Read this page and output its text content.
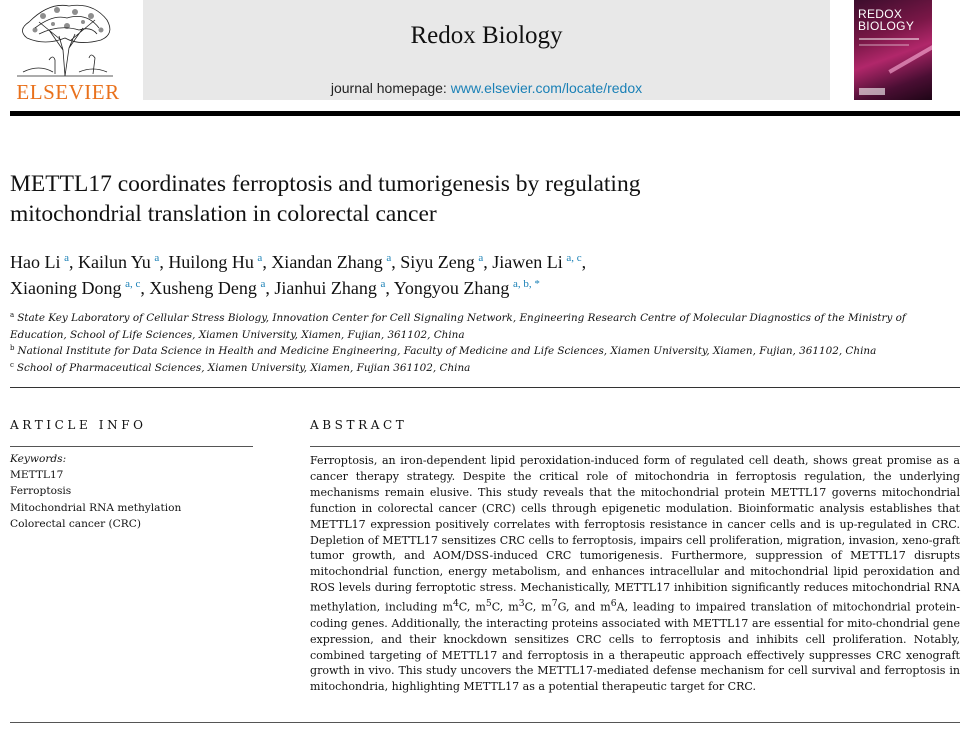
ELSEVIER
Redox Biology
journal homepage: www.elsevier.com/locate/redox
REDOX
BIOLOGY
METTL17 coordinates ferroptosis and tumorigenesis by regulating
mitochondrial translation in colorectal cancer
Hao Li  $^a$, Kailun Yu  $^a$, Huilong Hu  $^a$, Xiandan Zhang  $^a$, Siyu Zeng  $^a$, Jiawen Li  $^{a, c}$,
Xiaoning Dong  $^{a, c}$, Xusheng Deng  $^a$, Jianhui Zhang  $^a$, Yongyou Zhang  $^{a, b, *}$
$^a$ State Key Laboratory of Cellular Stress Biology, Innovation Center for Cell Signaling Network, Engineering Research Centre of Molecular Diagnostics of the Ministry of Education, School of Life Sciences, Xiamen University, Xiamen, Fujian, 361102, China
$^b$ National Institute for Data Science in Health and Medicine Engineering, Faculty of Medicine and Life Sciences, Xiamen University, Xiamen, Fujian, 361102, China
$^c$ School of Pharmaceutical Sciences, Xiamen University, Xiamen, Fujian 361102, China
ARTICLE INFO
Keywords:
METTL17
Ferroptosis
Mitochondrial RNA methylation
Colorectal cancer (CRC)
ABSTRACT
Ferroptosis, an iron-dependent lipid peroxidation-induced form of regulated cell death, shows great promise as a cancer therapy strategy. Despite the critical role of mitochondria in ferroptosis regulation, the underlying mechanisms remain elusive. This study reveals that the mitochondrial protein METTL17 governs mitochondrial function in colorectal cancer (CRC) cells through epigenetic modulation. Bioinformatic analysis establishes that METTL17 expression positively correlates with ferroptosis resistance in cancer cells and is up-regulated in CRC. Depletion of METTL17 sensitizes CRC cells to ferroptosis, impairs cell proliferation, migration, invasion, xeno-graft tumor growth, and AOM/DSS-induced CRC tumorigenesis. Furthermore, suppression of METTL17 disrupts mitochondrial function, energy metabolism, and enhances intracellular and mitochondrial lipid peroxidation and ROS levels during ferroptotic stress. Mechanistically, METTL17 inhibition significantly reduces mitochondrial RNA methylation, including $m^4C$, $m^5C$, $m^3C$, $m^7G$, and $m^6A$, leading to impaired translation of mitochondrial protein-coding genes. Additionally, the interacting proteins associated with METTL17 are essential for mito-chondrial gene expression, and their knockdown sensitizes CRC cells to ferroptosis and inhibits cell proliferation. Notably, combined targeting of METTL17 and ferroptosis in a therapeutic approach effectively suppresses CRC xenograft growth in vivo. This study uncovers the METTL17-mediated defense mechanism for cell survival and ferroptosis in mitochondria, highlighting METTL17 as a potential therapeutic target for CRC.
